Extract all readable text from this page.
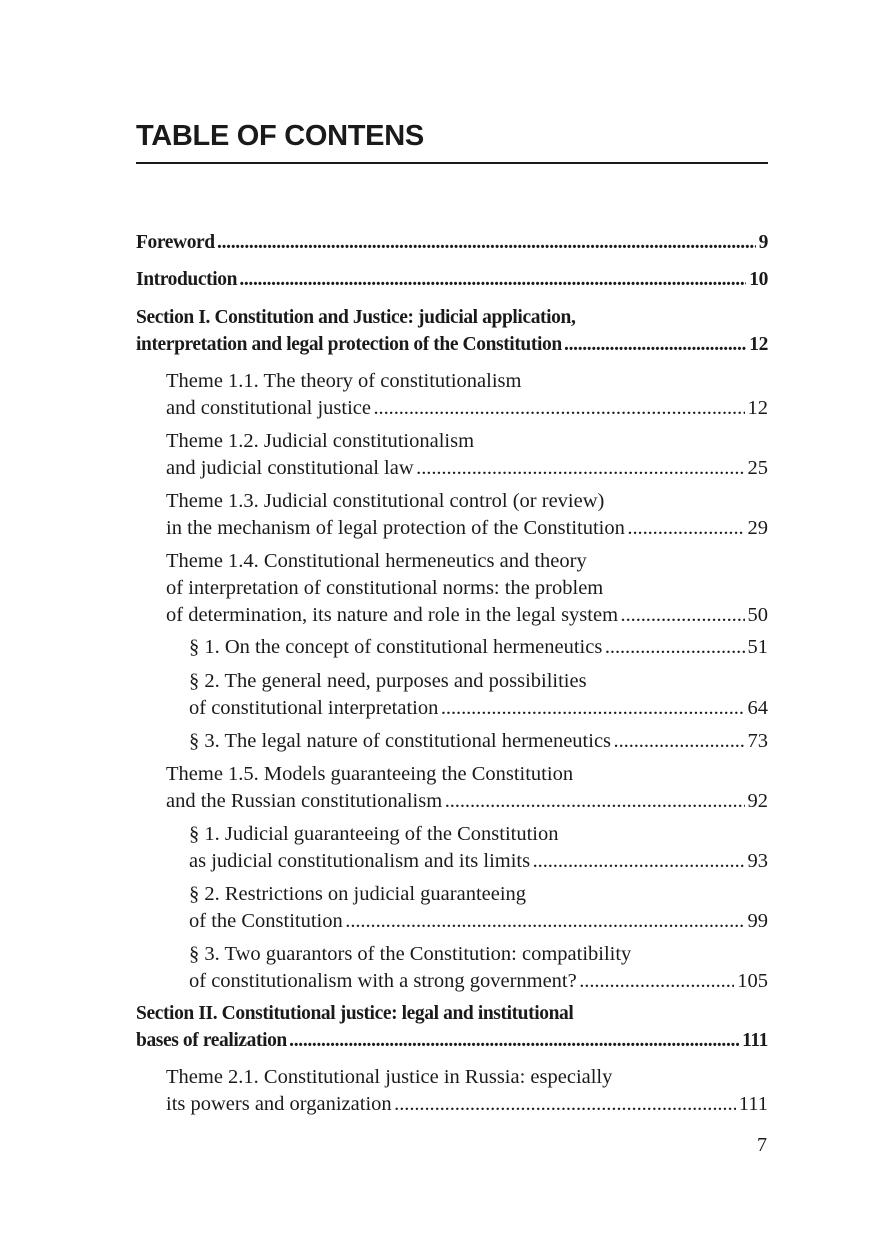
TABLE OF CONTENS
Foreword . . .	9
Introduction . . .	10
Section I. Constitution and Justice: judicial application,
interpretation and legal protection of the Constitution . . .	12
Theme 1.1. The theory of constitutionalism
and constitutional justice . . .	12
Theme 1.2. Judicial constitutionalism
and judicial constitutional law . . .	25
Theme 1.3. Judicial constitutional control (or review)
in the mechanism of legal protection of the Constitution . . .	29
Theme 1.4. Constitutional hermeneutics and theory
of interpretation of constitutional norms: the problem
of determination, its nature and role in the legal system . . .	50
§ 1. On the concept of constitutional hermeneutics . . .	51
§ 2. The general need, purposes and possibilities
of constitutional interpretation . . .	64
§ 3. The legal nature of constitutional hermeneutics . . .	73
Theme 1.5. Models guaranteeing the Constitution
and the Russian constitutionalism . . .	92
§ 1. Judicial guaranteeing of the Constitution
as judicial constitutionalism and its limits . . .	93
§ 2. Restrictions on judicial guaranteeing
of the Constitution . . .	99
§ 3. Two guarantors of the Constitution: compatibility
of constitutionalism with a strong government? . . .	105
Section II. Constitutional justice: legal and institutional
bases of realization . . .	111
Theme 2.1. Constitutional justice in Russia: especially
its powers and organization . . .	111
7
